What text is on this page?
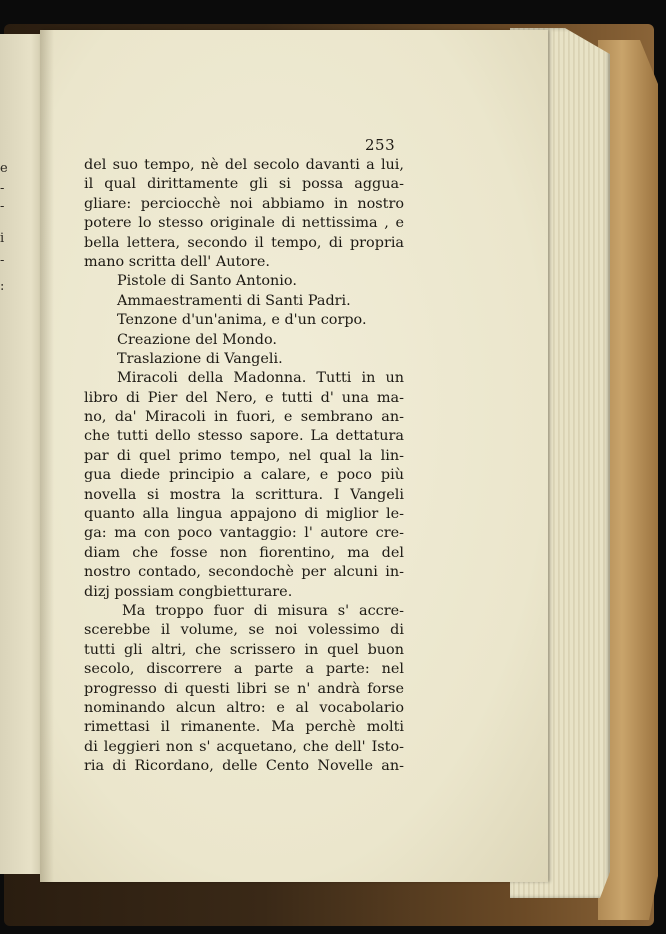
e
-
-
i
-
:
253
del suo tempo, nè del secolo davanti a lui,
il qual dirittamente gli si possa aggua-
gliare: perciocchè noi abbiamo in nostro
potere lo stesso originale di nettissima , e
bella lettera, secondo il tempo, di propria
mano scritta dell' Autore.
Pistole di Santo Antonio.
Ammaestramenti di Santi Padri.
Tenzone d'un'anima, e d'un corpo.
Creazione del Mondo.
Traslazione di Vangeli.
Miracoli della Madonna. Tutti in un
libro di Pier del Nero, e tutti d' una ma-
no, da' Miracoli in fuori, e sembrano an-
che tutti dello stesso sapore. La dettatura
par di quel primo tempo, nel qual la lin-
gua diede principio a calare, e poco più
novella si mostra la scrittura. I Vangeli
quanto alla lingua appajono di miglior le-
ga: ma con poco vantaggio: l' autore cre-
diam che fosse non fiorentino, ma del
nostro contado, secondochè per alcuni in-
dizj possiam congbietturare.
Ma troppo fuor di misura s' accre-
scerebbe il volume, se noi volessimo di
tutti gli altri, che scrissero in quel buon
secolo, discorrere a parte a parte: nel
progresso di questi libri se n' andrà forse
nominando alcun altro: e al vocabolario
rimettasi il rimanente. Ma perchè molti
di leggieri non s' acquetano, che dell' Isto-
ria di Ricordano, delle Cento Novelle an-
